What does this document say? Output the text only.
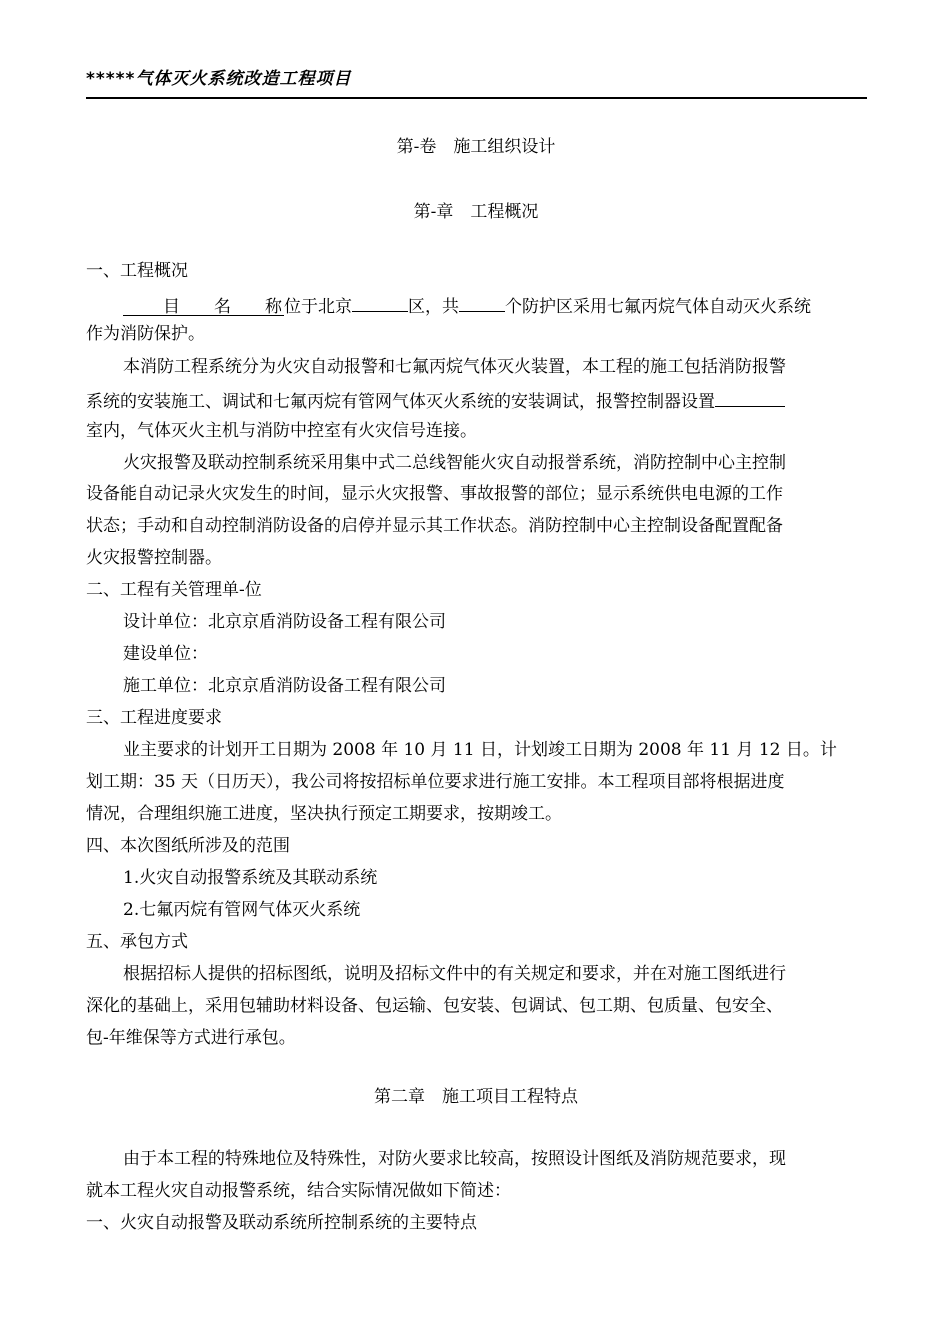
*****气体灭火系统改造工程项目
第-卷　施工组织设计
第-章　工程概况
一、工程概况
目　　名　　称 位于北京	区，共	个防护区采用七氟丙烷气体自动灭火系统
作为消防保护。
本消防工程系统分为火灾自动报警和七氟丙烷气体灭火装置，本工程的施工包括消防报警
系统的安装施工、调试和七氟丙烷有管网气体灭火系统的安装调试，报警控制器设置
室内，气体灭火主机与消防中控室有火灾信号连接。
火灾报警及联动控制系统采用集中式二总线智能火灾自动报誉系统，消防控制中心主控制
设备能自动记录火灾发生的时间，显示火灾报警、事故报警的部位；显示系统供电电源的工作
状态；手动和自动控制消防设备的启停并显示其工作状态。消防控制中心主控制设备配置配备
火灾报警控制器。
二、工程有关管理单-位
设计单位：北京京盾消防设备工程有限公司
建设单位：
施工单位：北京京盾消防设备工程有限公司
三、工程进度要求
业主要求的计划开工日期为 2008 年 10 月 11 日，计划竣工日期为 2008 年 11 月 12 日。计
划工期：35 天（日历天），我公司将按招标单位要求进行施工安排。本工程项目部将根据进度
情况，合理组织施工进度，坚决执行预定工期要求，按期竣工。
四、本次图纸所涉及的范围
1.火灾自动报警系统及其联动系统
2.七氟丙烷有管网气体灭火系统
五、承包方式
根据招标人提供的招标图纸，说明及招标文件中的有关规定和要求，并在对施工图纸进行
深化的基础上，采用包辅助材料设备、包运输、包安装、包调试、包工期、包质量、包安全、
包-年维保等方式进行承包。
第二章　施工项目工程特点
由于本工程的特殊地位及特殊性，对防火要求比较高，按照设计图纸及消防规范要求，现
就本工程火灾自动报警系统，结合实际情况做如下简述：
一、火灾自动报警及联动系统所控制系统的主要特点
